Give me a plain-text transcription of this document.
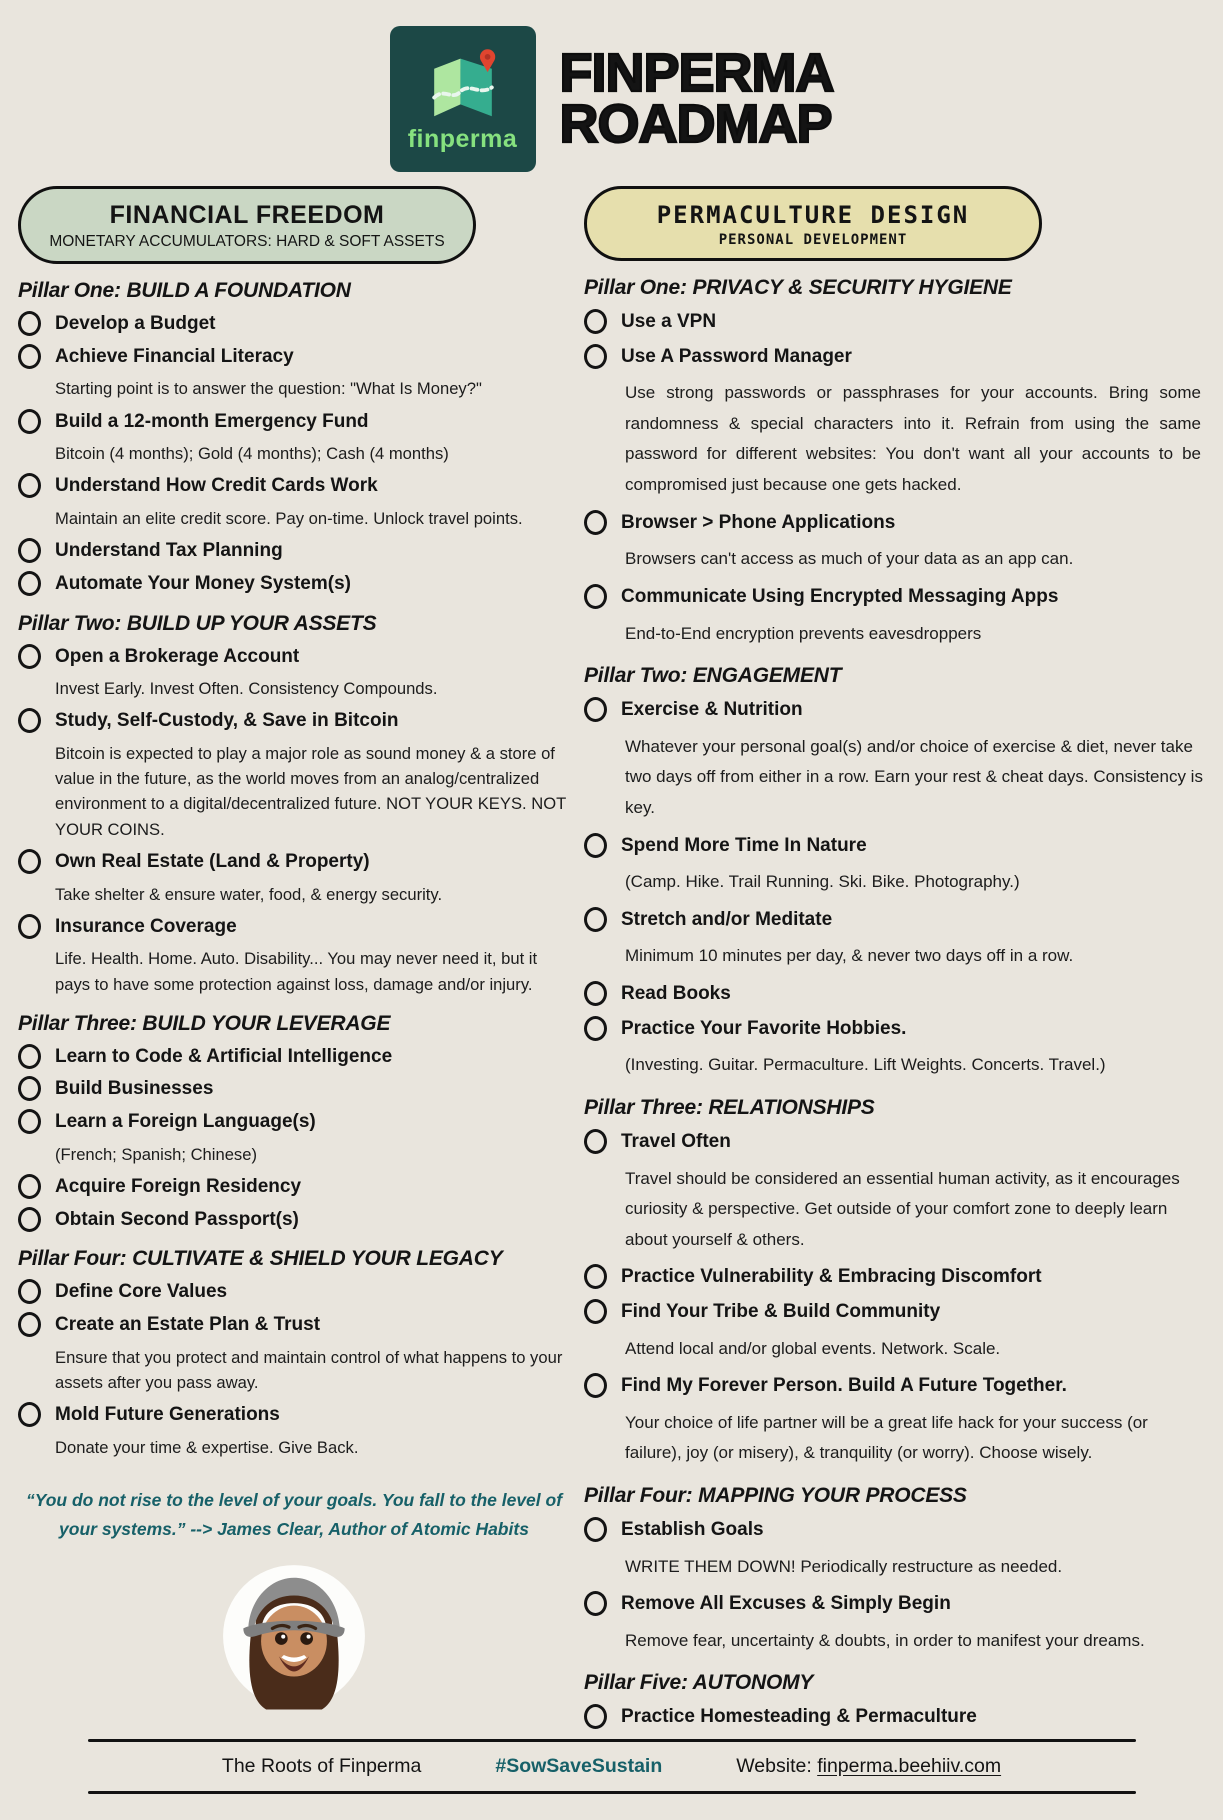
finperma
FINPERMA
ROADMAP
FINANCIAL FREEDOM
MONETARY ACCUMULATORS: HARD & SOFT ASSETS
Pillar One: BUILD A FOUNDATION
Develop a Budget
Achieve Financial Literacy
Starting point is to answer the question: "What Is Money?"
Build a 12-month Emergency Fund
Bitcoin (4 months); Gold (4 months); Cash (4 months)
Understand How Credit Cards Work
Maintain an elite credit score. Pay on-time. Unlock travel points.
Understand Tax Planning
Automate Your Money System(s)
Pillar Two: BUILD UP YOUR ASSETS
Open a Brokerage Account
Invest Early. Invest Often. Consistency Compounds.
Study, Self-Custody, & Save in Bitcoin
Bitcoin is expected to play a major role as sound money & a store of value in the future, as the world moves from an analog/centralized environment to a digital/decentralized future. NOT YOUR KEYS. NOT YOUR COINS.
Own Real Estate (Land & Property)
Take shelter & ensure water, food, & energy security.
Insurance Coverage
Life. Health. Home. Auto. Disability... You may never need it, but it pays to have some protection against loss, damage and/or injury.
Pillar Three: BUILD YOUR LEVERAGE
Learn to Code & Artificial Intelligence
Build Businesses
Learn a Foreign Language(s)
(French; Spanish; Chinese)
Acquire Foreign Residency
Obtain Second Passport(s)
Pillar Four: CULTIVATE & SHIELD YOUR LEGACY
Define Core Values
Create an Estate Plan & Trust
Ensure that you protect and maintain control of what happens to your assets after you pass away.
Mold Future Generations
Donate your time & expertise. Give Back.
“You do not rise to the level of your goals. You fall to the level of your systems.” --> James Clear, Author of Atomic Habits
PERMACULTURE DESIGN
PERSONAL DEVELOPMENT
Pillar One: PRIVACY & SECURITY HYGIENE
Use a VPN
Use A Password Manager
Use strong passwords or passphrases for your accounts. Bring some randomness & special characters into it. Refrain from using the same password for different websites: You don't want all your accounts to be compromised just because one gets hacked.
Browser > Phone Applications
Browsers can't access as much of your data as an app can.
Communicate Using Encrypted Messaging Apps
End-to-End encryption prevents eavesdroppers
Pillar Two: ENGAGEMENT
Exercise & Nutrition
Whatever your personal goal(s) and/or choice of exercise & diet, never take two days off from either in a row. Earn your rest & cheat days. Consistency is key.
Spend More Time In Nature
(Camp. Hike. Trail Running. Ski. Bike. Photography.)
Stretch and/or Meditate
Minimum 10 minutes per day, & never two days off in a row.
Read Books
Practice Your Favorite Hobbies.
(Investing. Guitar. Permaculture. Lift Weights. Concerts. Travel.)
Pillar Three: RELATIONSHIPS
Travel Often
Travel should be considered an essential human activity, as it encourages curiosity & perspective. Get outside of your comfort zone to deeply learn about yourself & others.
Practice Vulnerability & Embracing Discomfort
Find Your Tribe & Build Community
Attend local and/or global events. Network. Scale.
Find My Forever Person. Build A Future Together.
Your choice of life partner will be a great life hack for your success (or failure), joy (or misery), & tranquility (or worry). Choose wisely.
Pillar Four: MAPPING YOUR PROCESS
Establish Goals
WRITE THEM DOWN! Periodically restructure as needed.
Remove All Excuses & Simply Begin
Remove fear, uncertainty & doubts, in order to manifest your dreams.
Pillar Five: AUTONOMY
Practice Homesteading & Permaculture
The Roots of Finperma	#SowSaveSustain	Website: finperma.beehiiv.com
